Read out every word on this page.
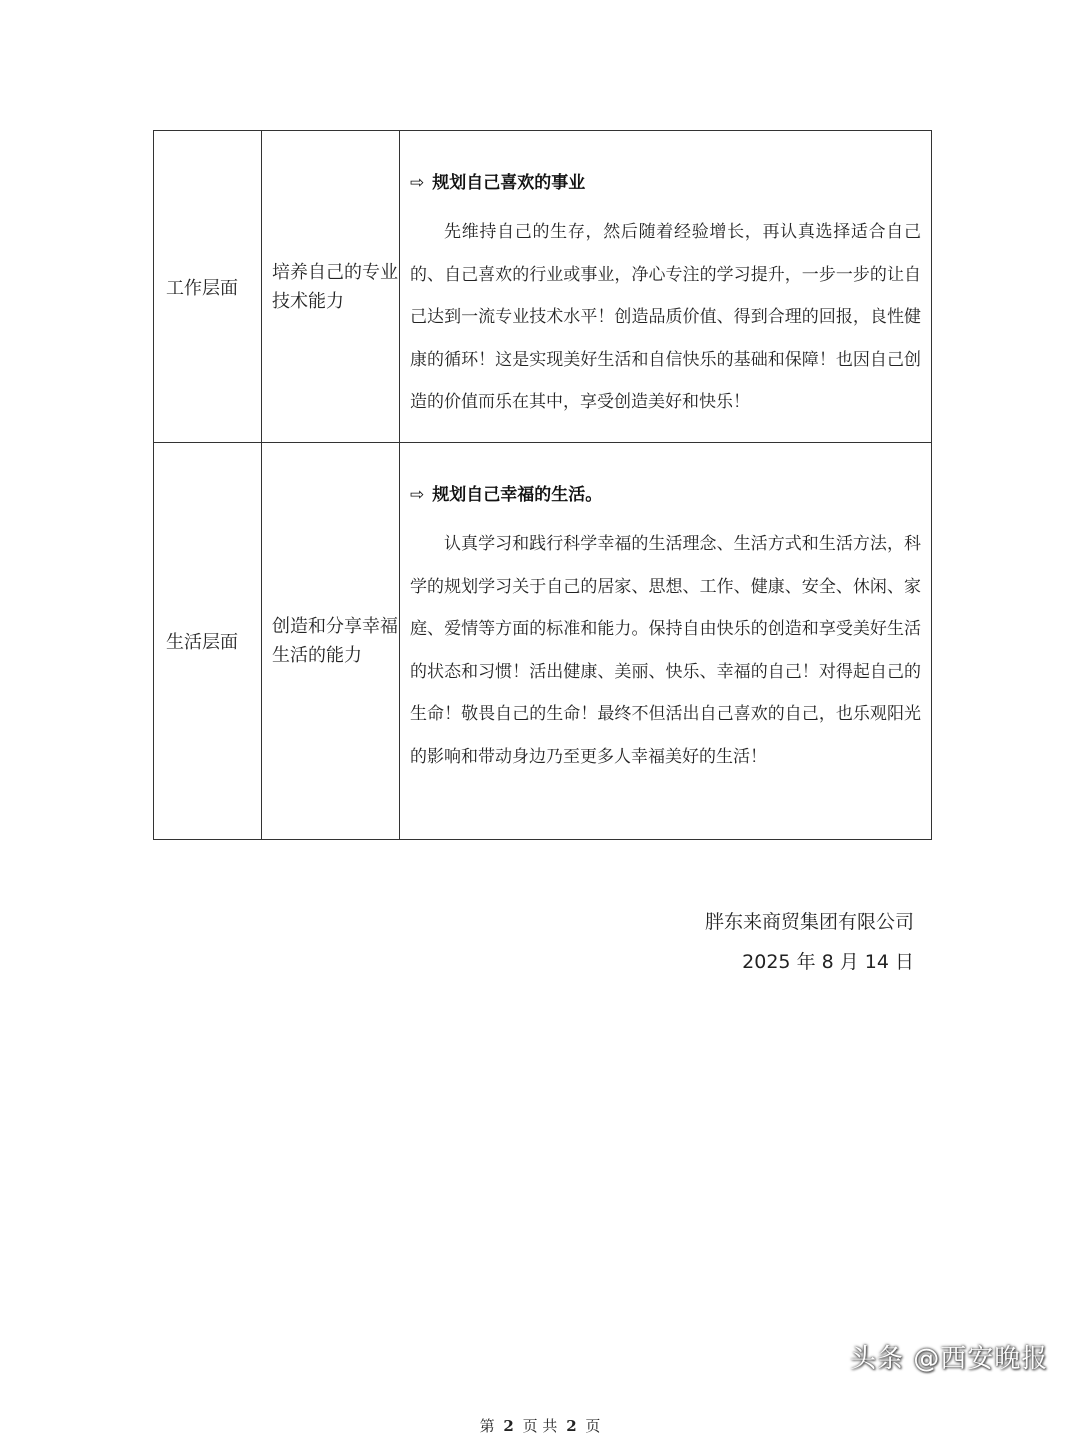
工作层面	培养自己的专业技术能力	⇨ 规划自己喜欢的事业

先维持自己的生存，然后随着经验增长，再认真选择适合自己的、自己喜欢的行业或事业，净心专注的学习提升，一步一步的让自己达到一流专业技术水平！创造品质价值、得到合理的回报，良性健康的循环！这是实现美好生活和自信快乐的基础和保障！也因自己创造的价值而乐在其中，享受创造美好和快乐！

生活层面	创造和分享幸福生活的能力	⇨ 规划自己幸福的生活。

认真学习和践行科学幸福的生活理念、生活方式和生活方法，科学的规划学习关于自己的居家、思想、工作、健康、安全、休闲、家庭、爱情等方面的标准和能力。保持自由快乐的创造和享受美好生活的状态和习惯！活出健康、美丽、快乐、幸福的自己！对得起自己的生命！敬畏自己的生命！最终不但活出自己喜欢的自己，也乐观阳光的影响和带动身边乃至更多人幸福美好的生活！

胖东来商贸集团有限公司
2025 年 8 月 14 日
头条 @西安晚报
第 2 页 共 2 页
